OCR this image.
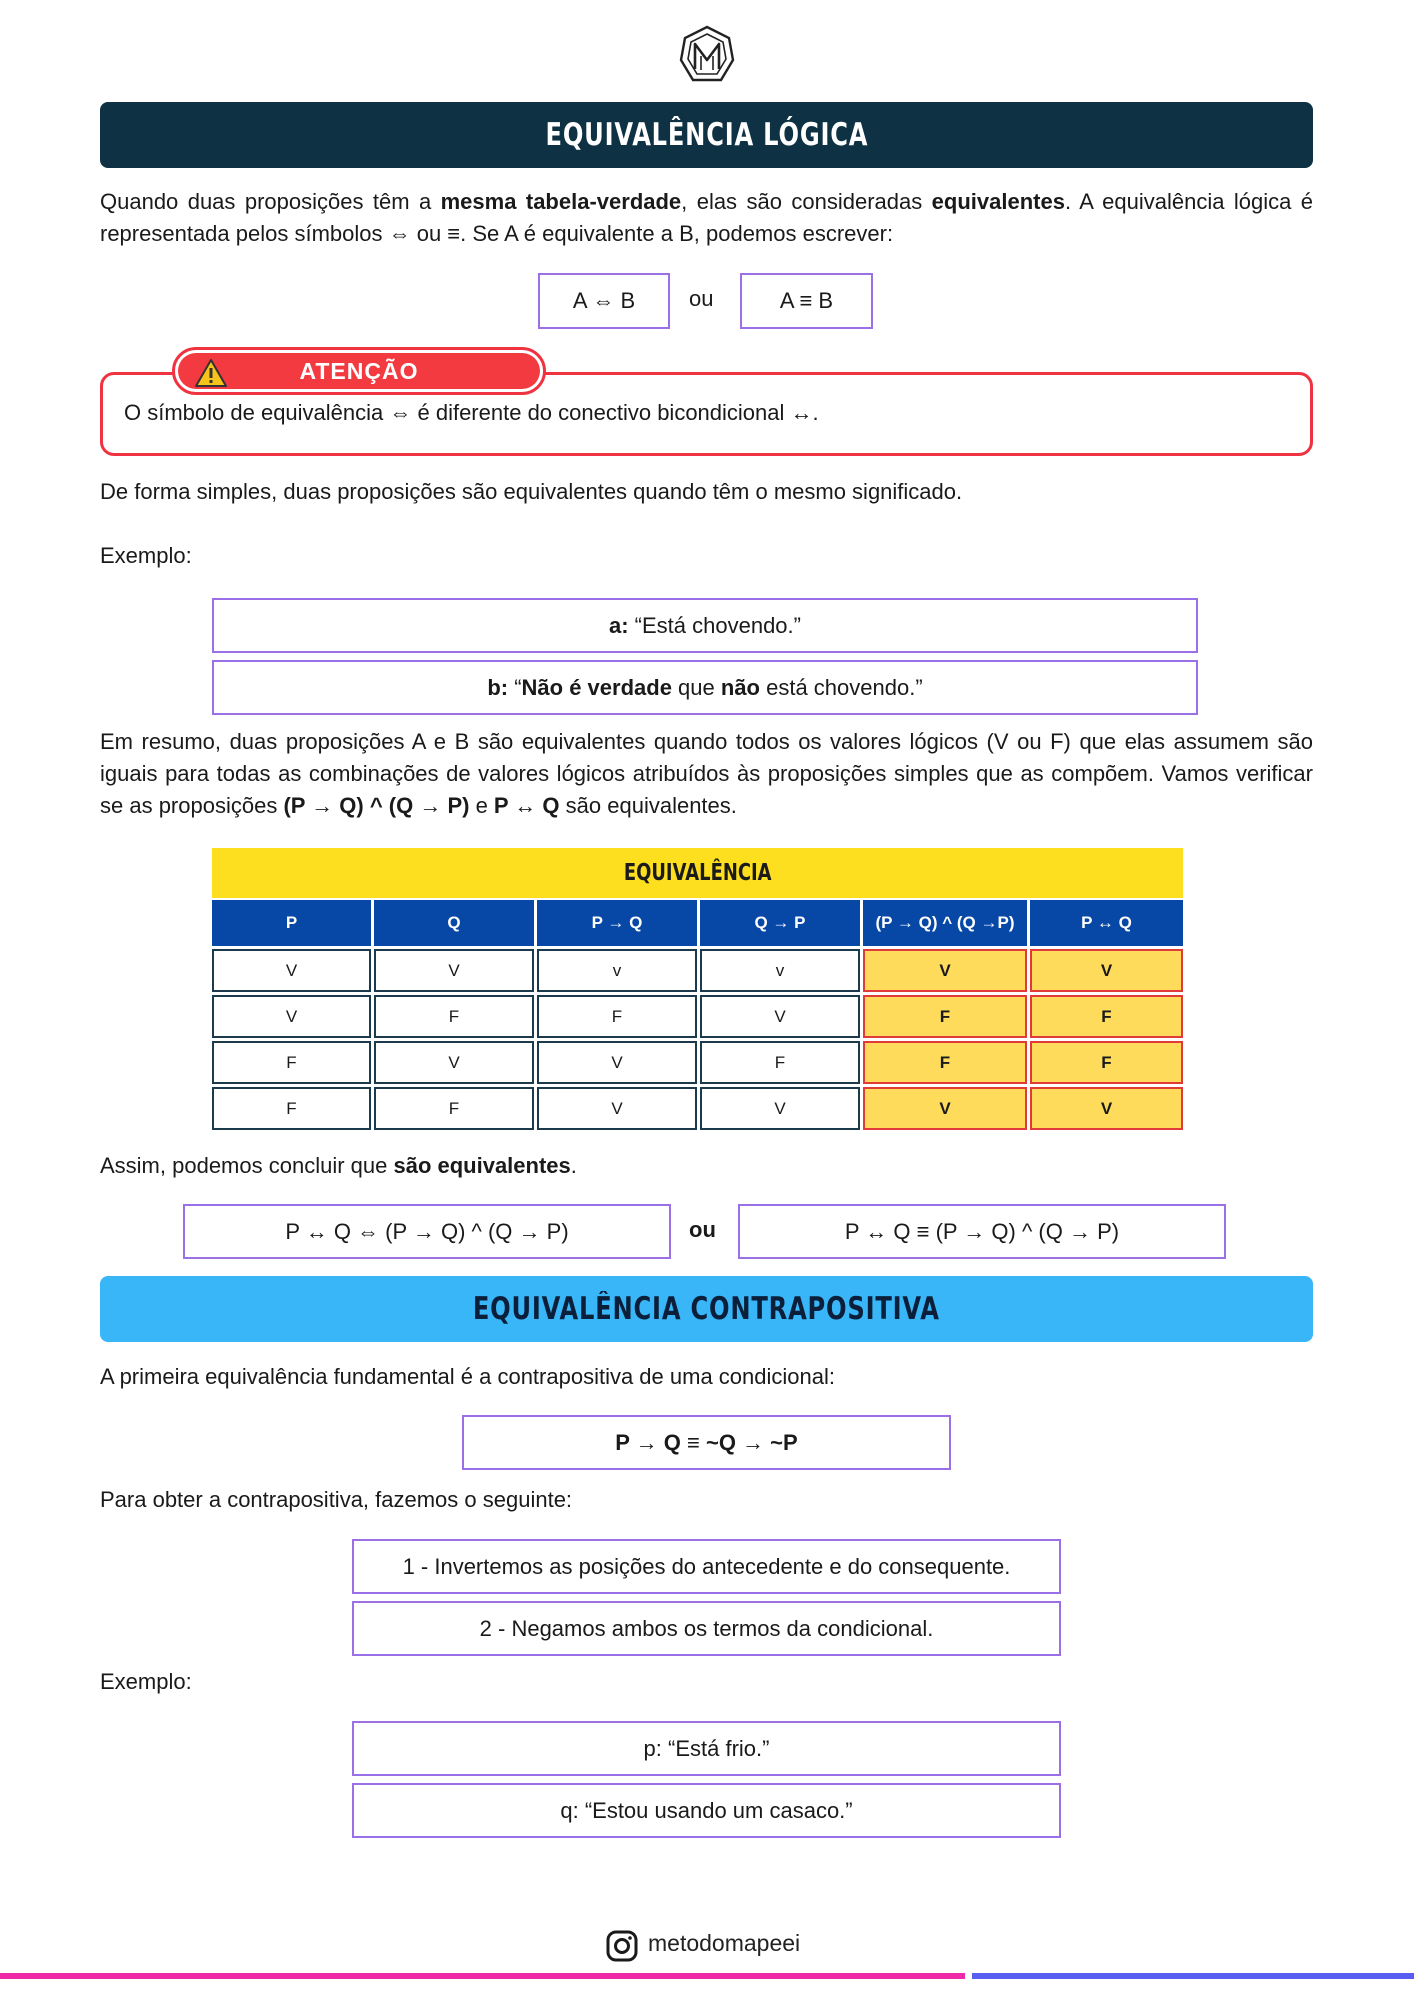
EQUIVALÊNCIA LÓGICA

Quando duas proposições têm a mesma tabela-verdade, elas são consideradas equivalentes. A equivalência lógica é representada pelos símbolos ⇔ ou ≡. Se A é equivalente a B, podemos escrever:

A ⇔ B ou	A ≡ B
O símbolo de equivalência ⇔ é diferente do conectivo bicondicional ↔.
ATENÇÃO

De forma simples, duas proposições são equivalentes quando têm o mesmo significado.

Exemplo:

a: “Está chovendo.”
b: “Não é verdade que não está chovendo.”

Em resumo, duas proposições A e B são equivalentes quando todos os valores lógicos (V ou F) que elas assumem são iguais para todas as combinações de valores lógicos atribuídos às proposições simples que as compõem. Vamos verificar se as proposições (P → Q) ^ (Q → P) e P ↔ Q são equivalentes.

EQUIVALÊNCIA
P	Q	P → Q	Q → P	(P → Q) ^ (Q →P)	P ↔ Q
V	V	v	v	V	V
V	F	F	V	F	F
F	V	V	F	F	F
F	F	V	V	V	V

Assim, podemos concluir que são equivalentes.

P ↔ Q ⇔ (P → Q) ^ (Q → P)	ou	P ↔ Q ≡ (P → Q) ^ (Q → P)
EQUIVALÊNCIA CONTRAPOSITIVA

A primeira equivalência fundamental é a contrapositiva de uma condicional:

P → Q ≡ ~Q → ~P

Para obter a contrapositiva, fazemos o seguinte:

1 - Invertemos as posições do antecedente e do consequente.
2 - Negamos ambos os termos da condicional.

Exemplo:

p: “Está frio.”
q: “Estou usando um casaco.”
metodomapeei
